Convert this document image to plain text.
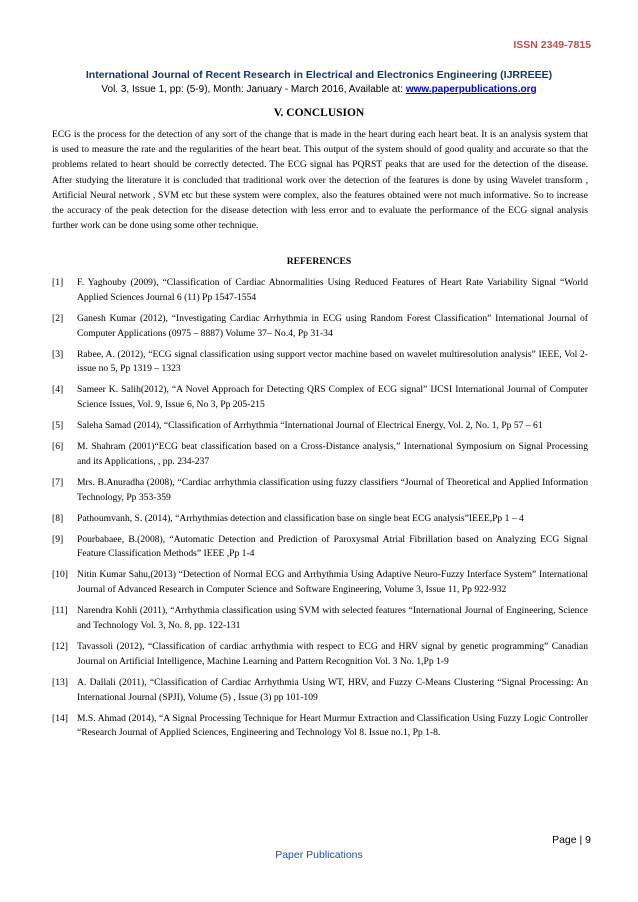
ISSN 2349-7815
International Journal of Recent Research in Electrical and Electronics Engineering (IJRREEE)
Vol. 3, Issue 1, pp: (5-9), Month: January - March 2016, Available at: www.paperpublications.org
V. CONCLUSION
ECG is the process for the detection of any sort of the change that is made in the heart during each heart beat. It is an analysis system that is used to measure the rate and the regularities of the heart beat. This output of the system should of good quality and accurate so that the problems related to heart should be correctly detected. The ECG signal has PQRST peaks that are used for the detection of the disease. After studying the literature it is concluded that traditional work over the detection of the features is done by using Wavelet transform , Artificial Neural network , SVM etc but these system were complex, also the features obtained were not much informative. So to increase the accuracy of the peak detection for the disease detection with less error and to evaluate the performance of the ECG signal analysis further work can be done using some other technique.
REFERENCES
[1]	F. Yaghouby (2009), “Classification of Cardiac Abnormalities Using Reduced Features of Heart Rate Variability Signal “World Applied Sciences Journal 6 (11) Pp 1547-1554
[2]	Ganesh Kumar (2012), “Investigating Cardiac Arrhythmia in ECG using Random Forest Classification” International Journal of Computer Applications (0975 – 8887) Volume 37– No.4, Pp 31-34
[3]	Rabee, A. (2012), “ECG signal classification using support vector machine based on wavelet multiresolution analysis” IEEE, Vol 2-issue no 5, Pp 1319 – 1323
[4]	Sameer K. Salih(2012), “A Novel Approach for Detecting QRS Complex of ECG signal” IJCSI International Journal of Computer Science Issues, Vol. 9, Issue 6, No 3, Pp 205-215
[5]	Saleha Samad (2014), “Classification of Arrhythmia “International Journal of Electrical Energy, Vol. 2, No. 1, Pp 57 – 61
[6]	M. Shahram (2001)“ECG beat classification based on a Cross-Distance analysis,” International Symposium on Signal Processing and its Applications, , pp. 234-237
[7]	Mrs. B.Anuradha (2008), “Cardiac arrhythmia classification using fuzzy classifiers “Journal of Theoretical and Applied Information Technology, Pp 353-359
[8]	Pathoumvanh, S. (2014), “Arrhythmias detection and classification base on single beat ECG analysis”IEEE,Pp 1 – 4
[9]	Pourbabaee, B.(2008), “Automatic Detection and Prediction of Paroxysmal Atrial Fibrillation based on Analyzing ECG Signal Feature Classification Methods” IEEE ,Pp 1-4
[10] Nitin Kumar Sahu,(2013) “Detection of Normal ECG and Arrhythmia Using Adaptive Neuro-Fuzzy Interface System” International Journal of Advanced Research in Computer Science and Software Engineering, Volume 3, Issue 11, Pp 922-932
[11] Narendra Kohli (2011), “Arrhythmia classification using SVM with selected features “International Journal of Engineering, Science and Technology Vol. 3, No. 8, pp. 122-131
[12] Tavassoli (2012), “Classification of cardiac arrhythmia with respect to ECG and HRV signal by genetic programming” Canadian Journal on Artificial Intelligence, Machine Learning and Pattern Recognition Vol. 3 No. 1,Pp 1-9
[13] A. Dallali (2011), “Classification of Cardiac Arrhythmia Using WT, HRV, and Fuzzy C-Means Clustering “Signal Processing: An International Journal (SPJI), Volume (5) , Issue (3) pp 101-109
[14] M.S. Ahmad (2014), “A Signal Processing Technique for Heart Murmur Extraction and Classification Using Fuzzy Logic Controller “Research Journal of Applied Sciences, Engineering and Technology Vol 8. Issue no.1, Pp 1-8.
Page | 9
Paper Publications
